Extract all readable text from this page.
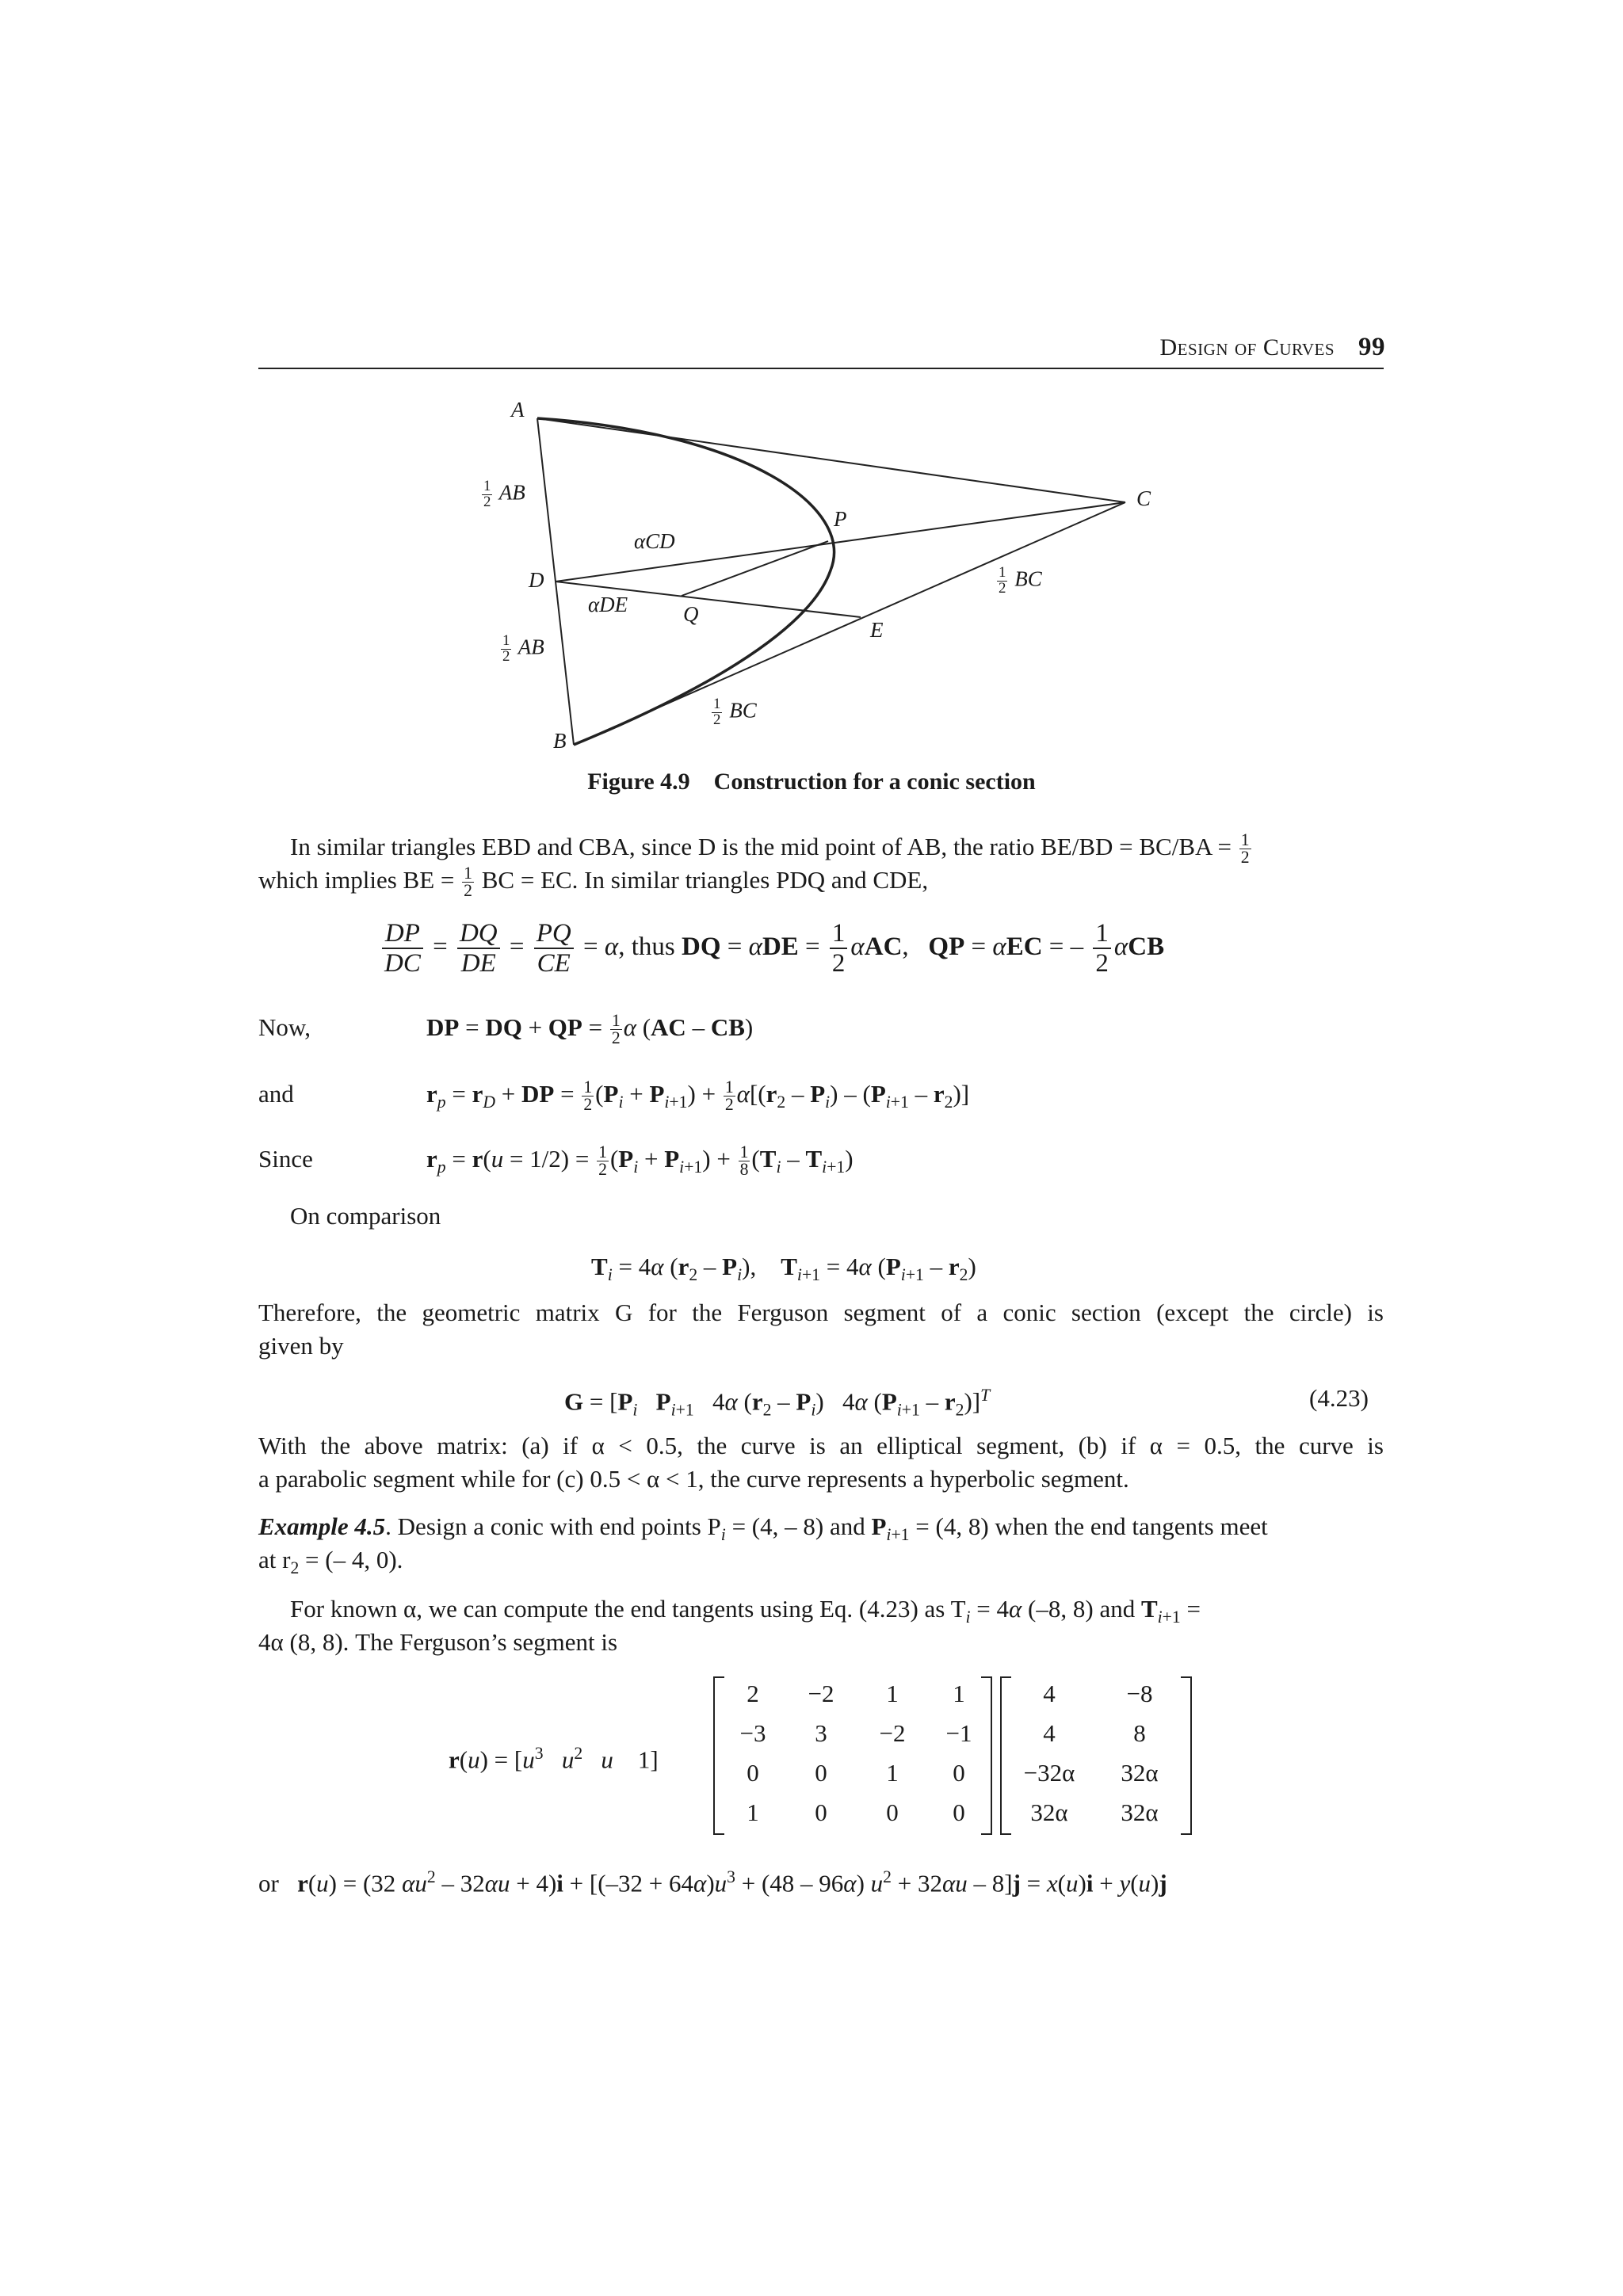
Design of Curves 99
A
B
C
D
E
P
Q
αCD
αDE
$\frac{1}{2}$ AB
$\frac{1}{2}$ AB
$\frac{1}{2}$ BC
$\frac{1}{2}$ BC
Figure 4.9 Construction for a conic section
In similar triangles EBD and CBA, since D is the mid point of AB, the ratio $BE/BD = BC/BA = \frac{1}{2}$
which implies BE = $\frac{1}{2}$ BC = EC. In similar triangles PDQ and CDE,
$\frac{DP}{DC} = \frac{DQ}{DE} = \frac{PQ}{CE} = \alpha$, thus DQ = $\alpha DE = \frac{1}{2} \alpha AC$,   QP = αEC = – $\frac{1}{2}$ αCB
Now,	DP = DQ + QP = $\frac{1}{2}$ α (AC – CB)
and	$r_p = r_D$ + DP = $\frac{1}{2} (P_i + P_{i+1}) + \frac{1}{2} \alpha[(r_2 - P_i) - (P_{i+1} - r_2)]$
Since	$r_p = r(u = 1/2) = \frac{1}{2} (P_i + P_{i+1}) + \frac{1}{8} (T_i - T_{i+1})$
On comparison
$T_i = 4\alpha$ $(r_2 - P_i)$,    $T_{i+1} = 4\alpha$ $(P_{i+1} - r_2)$
Therefore, the geometric matrix G for the Ferguson segment of a conic section (except the circle) is
given by
$G = [P_i$ $P_{i+1}$   4α $(r_2 - P_i)$   4α $(P_{i+1} - r_2)]^T$	(4.23)
With the above matrix: (a) if α < 0.5, the curve is an elliptical segment, (b) if α = 0.5, the curve is
a parabolic segment while for (c) 0.5 < α < 1, the curve represents a hyperbolic segment.
Example 4.5. Design a conic with end points $P_i = (4$, – 8) and $P_{i+1} = (4$, 8) when the end tangents meet
at $r_2$ = (– 4, 0).
For known α, we can compute the end tangents using Eq. (4.23) as $T_i = 4\alpha$ (–8, 8) and $T_{i+1}$ =
4α (8, 8). The Ferguson’s segment is
$r(u) = [u^3$ $u^2$ u    1]
2	−2	1	1
−3	3	−2	−1
0	0	1	0
1	0	0	0
4	−8
4	8
−32α	32α
32α	32α
or r(u) = (32 $\alpha u^2 - 32\alpha u + 4)i + [(-32 + 64\alpha)u^3 + (48 - 96\alpha)$ $u^2 + 32\alpha u - 8]j = x(u)i + y(u)j$
